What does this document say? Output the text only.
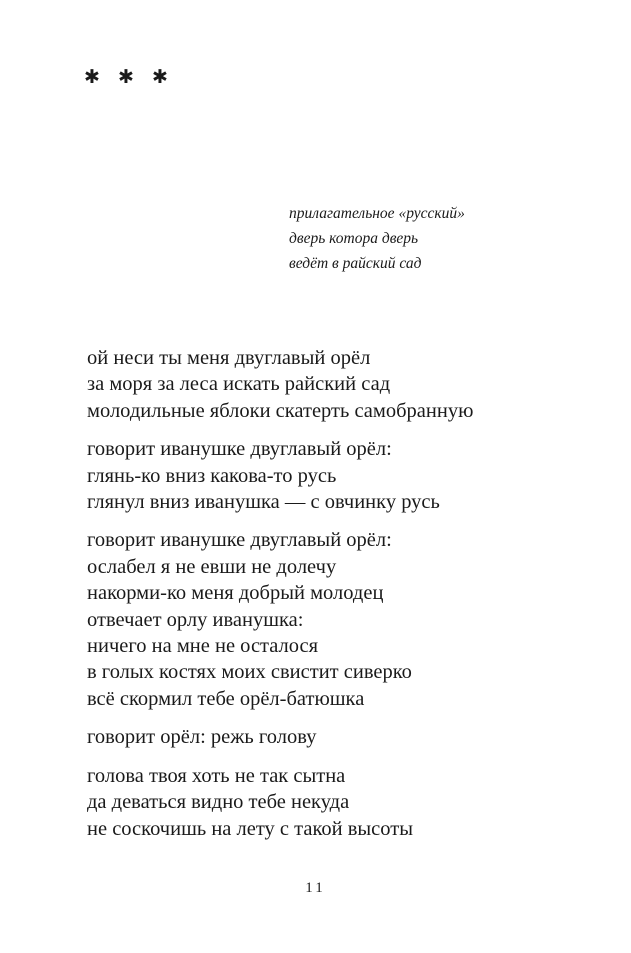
✱ ✱ ✱
прилагательное «русский»
дверь котора дверь
ведёт в райский сад
ой неси ты меня двуглавый орёл
за моря за леса искать райский сад
молодильные яблоки скатерть самобранную
говорит иванушке двуглавый орёл:
глянь-ко вниз какова-то русь
глянул вниз иванушка — с овчинку русь
говорит иванушке двуглавый орёл:
ослабел я не евши не долечу
накорми-ко меня добрый молодец
отвечает орлу иванушка:
ничего на мне не осталося
в голых костях моих свистит сиверко
всё скормил тебе орёл-батюшка
говорит орёл: режь голову
голова твоя хоть не так сытна
да деваться видно тебе некуда
не соскочишь на лету с такой высоты
11
